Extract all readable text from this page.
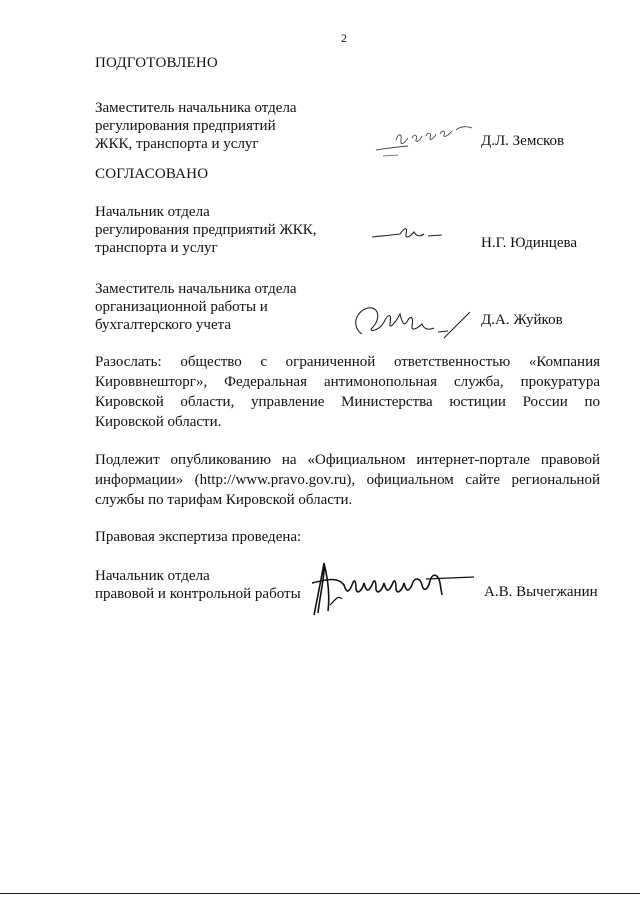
2
ПОДГОТОВЛЕНО
Заместитель начальника отдела
регулирования предприятий
ЖКК, транспорта и услуг	Д.Л. Земсков
СОГЛАСОВАНО
Начальник отдела
регулирования предприятий ЖКК,
транспорта и услуг	Н.Г. Юдинцева
Заместитель начальника отдела
организационной работы и
бухгалтерского учета	Д.А. Жуйков
Разослать: общество с ограниченной ответственностью «Компания
Кироввнешторг», Федеральная антимонопольная служба, прокуратура
Кировской области, управление Министерства юстиции России по
Кировской области.
Подлежит опубликованию на «Официальном интернет-портале правовой
информации» (http://www.pravo.gov.ru), официальном сайте региональной
службы по тарифам Кировской области.
Правовая экспертиза проведена:
Начальник отдела
правовой и контрольной работы	А.В. Вычегжанин
